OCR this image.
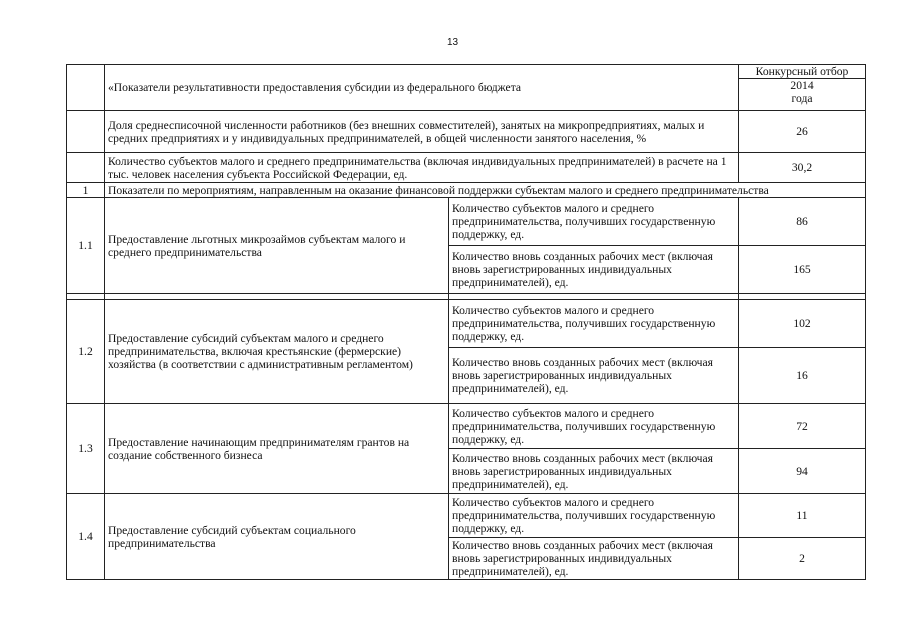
13
	«Показатели результативности предоставления субсидии из федерального бюджета		Конкурсный отбор
2014
года

	Доля среднесписочной численности работников (без внешних совместителей), занятых на микропредприятиях, малых и средних предприятиях и у индивидуальных предпринимателей, в общей численности занятого населения, %		26
	Количество субъектов малого и среднего предпринимательства (включая индивидуальных предпринимателей) в расчете на 1 тыс. человек населения субъекта Российской Федерации, ед.		30,2
1	Показатели по мероприятиям, направленным на оказание финансовой поддержки субъектам малого и среднего предпринимательства		
1.1	Предоставление льготных микрозаймов субъектам малого и среднего предпринимательства	Количество субъектов малого и среднего предпринимательства, получивших государственную поддержку, ед.	86
		Количество вновь созданных рабочих мест (включая вновь зарегистрированных индивидуальных предпринимателей), ед.	165

1.2	Предоставление субсидий субъектам малого и среднего предпринимательства, включая крестьянские (фермерские) хозяйства (в соответствии с административным регламентом)	Количество субъектов малого и среднего предпринимательства, получивших государственную поддержку, ед.	102
		Количество вновь созданных рабочих мест (включая вновь зарегистрированных индивидуальных предпринимателей), ед.	16
1.3	Предоставление начинающим предпринимателям грантов на создание собственного бизнеса	Количество субъектов малого и среднего предпринимательства, получивших государственную поддержку, ед.	72
		Количество вновь созданных рабочих мест (включая вновь зарегистрированных индивидуальных предпринимателей), ед.	94
1.4	Предоставление субсидий субъектам социального предпринимательства	Количество субъектов малого и среднего предпринимательства, получивших государственную поддержку, ед.	11
		Количество вновь созданных рабочих мест (включая вновь зарегистрированных индивидуальных предпринимателей), ед.	2
